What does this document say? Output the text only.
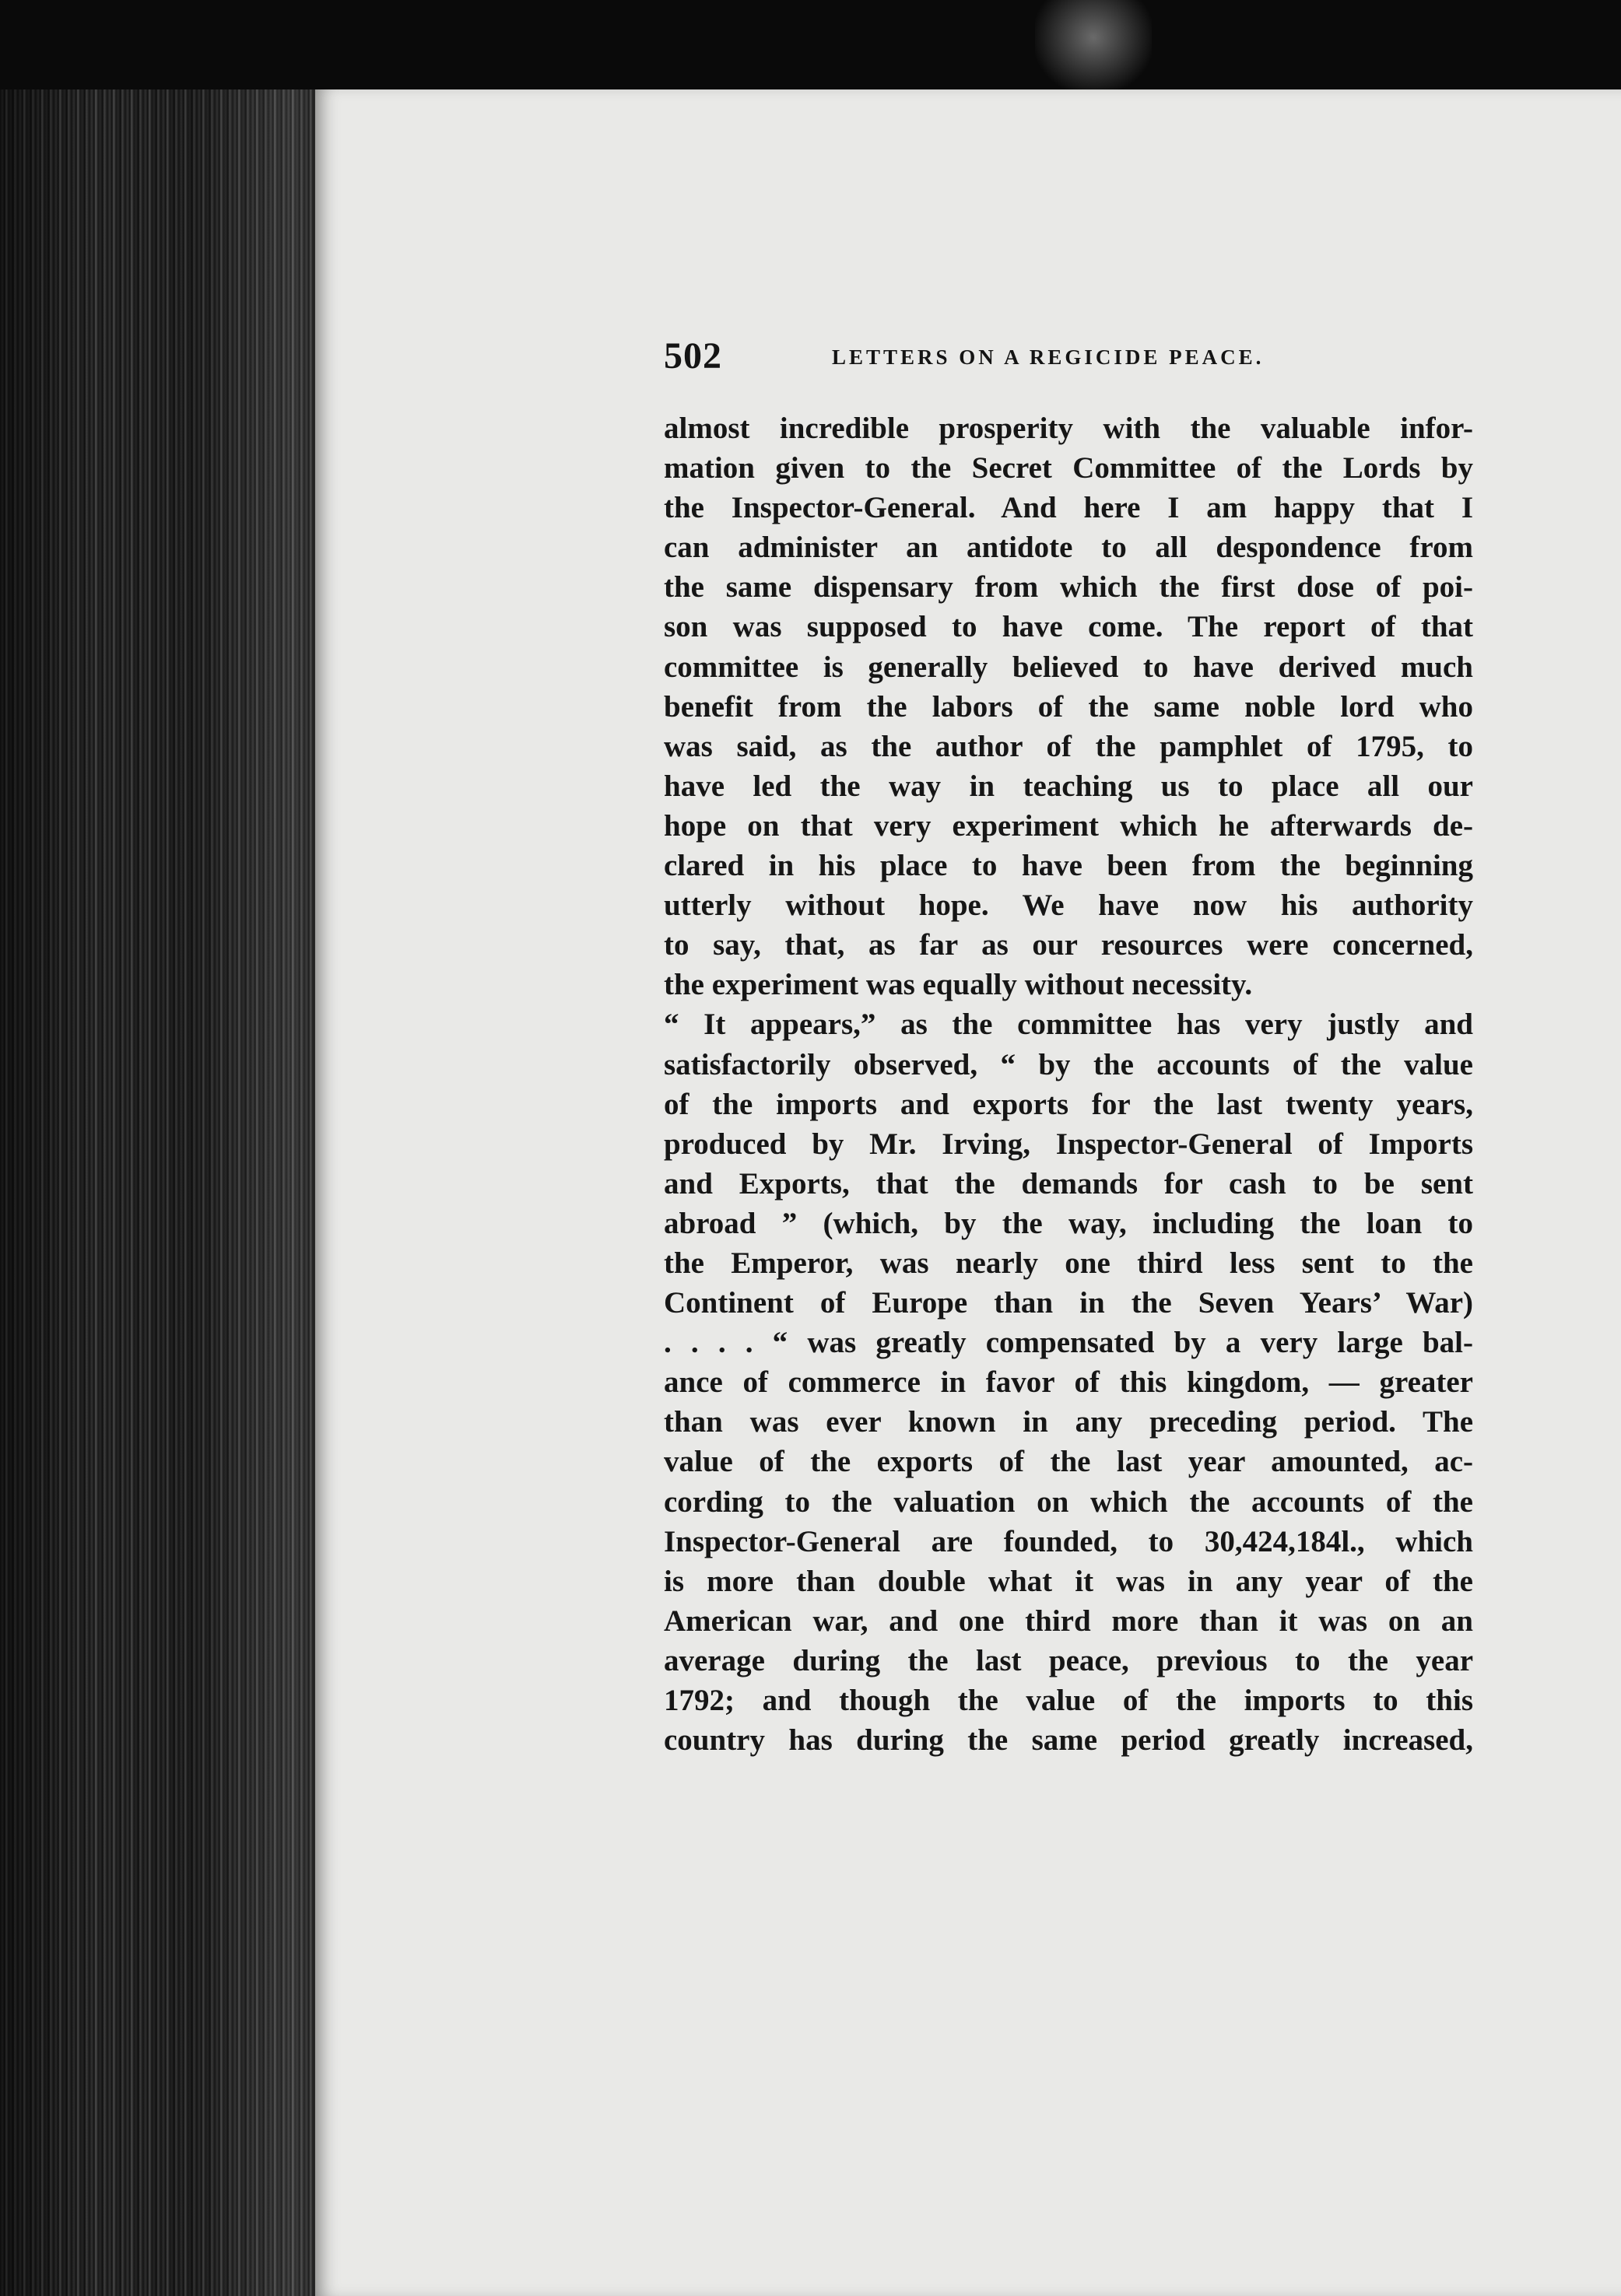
502	LETTERS ON A REGICIDE PEACE.
almost incredible prosperity with the valuable infor-
mation given to the Secret Committee of the Lords by
the Inspector-General. And here I am happy that I
can administer an antidote to all despondence from
the same dispensary from which the first dose of poi-
son was supposed to have come. The report of that
committee is generally believed to have derived much
benefit from the labors of the same noble lord who
was said, as the author of the pamphlet of 1795, to
have led the way in teaching us to place all our
hope on that very experiment which he afterwards de-
clared in his place to have been from the beginning
utterly without hope. We have now his authority
to say, that, as far as our resources were concerned,
the experiment was equally without necessity.
“ It appears,” as the committee has very justly and
satisfactorily observed, “ by the accounts of the value
of the imports and exports for the last twenty years,
produced by Mr. Irving, Inspector-General of Imports
and Exports, that the demands for cash to be sent
abroad ” (which, by the way, including the loan to
the Emperor, was nearly one third less sent to the
Continent of Europe than in the Seven Years’ War)
. . . . “ was greatly compensated by a very large bal-
ance of commerce in favor of this kingdom, — greater
than was ever known in any preceding period. The
value of the exports of the last year amounted, ac-
cording to the valuation on which the accounts of the
Inspector-General are founded, to 30,424,184l., which
is more than double what it was in any year of the
American war, and one third more than it was on an
average during the last peace, previous to the year
1792; and though the value of the imports to this
country has during the same period greatly increased,
